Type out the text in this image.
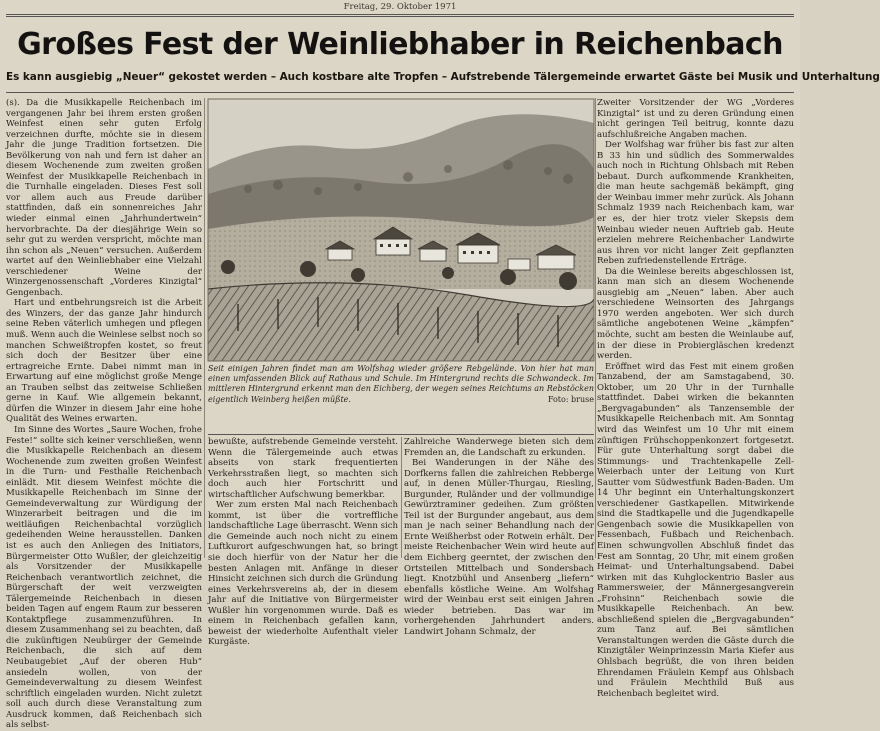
Freitag, 29. Oktober 1971
Großes Fest der Weinliebhaber in Reichenbach
Es kann ausgiebig „Neuer“ gekostet werden – Auch kostbare alte Tropfen – Aufstrebende Tälergemeinde erwartet Gäste bei Musik und Unterhaltung

(s). Da die Musikkapelle Reichenbach im vergangenen Jahr bei ihrem ersten großen Weinfest einen sehr guten Erfolg verzeichnen durfte, möchte sie in diesem Jahr die junge Tradition fortsetzen. Die Bevölkerung von nah und fern ist daher an diesem Wochenende zum zweiten großen Weinfest der Musikkapelle Reichenbach in die Turnhalle eingeladen. Dieses Fest soll vor allem auch aus Freude darüber stattfinden, daß ein sonnenreiches Jahr wieder einmal einen „Jahrhundertwein“ hervorbrachte. Da der diesjährige Wein so sehr gut zu werden verspricht, möchte man ihn schon als „Neuen“ versuchen. Außerdem wartet auf den Weinliebhaber eine Vielzahl verschiedener Weine der Winzergenossenschaft „Vorderes Kinzigtal“ Gengenbach.

Hart und entbehrungsreich ist die Arbeit des Winzers, der das ganze Jahr hindurch seine Reben väterlich umhegen und pflegen muß. Wenn auch die Weinlese selbst noch so manchen Schweißtropfen kostet, so freut sich doch der Besitzer über eine ertragreiche Ernte. Dabei nimmt man in Erwartung auf eine möglichst große Menge an Trauben selbst das zeitweise Schließen gerne in Kauf. Wie allgemein bekannt, dürfen die Winzer in diesem Jahr eine hohe Qualität des Weines erwarten.

Im Sinne des Wortes „Saure Wochen, frohe Feste!“ sollte sich keiner verschließen, wenn die Musikkapelle Reichenbach an diesem Wochenende zum zweiten großen Weinfest in die Turn- und Festhalle Reichenbach einlädt. Mit diesem Weinfest möchte die Musikkapelle Reichenbach im Sinne der Gemeindeverwaltung zur Würdigung der Winzerarbeit beitragen und die im weitläufigen Reichenbachtal vorzüglich gedeihenden Weine herausstellen. Danken ist es auch den Anliegen des Initiators, Bürgermeister Otto Wußler, der gleichzeitig als Vorsitzender der Musikkapelle Reichenbach verantwortlich zeichnet, die Bürgerschaft der weit verzweigten Tälergemeinde Reichenbach in diesen beiden Tagen auf engem Raum zur besseren Kontaktpflege zusammenzuführen. In diesem Zusammenhang sei zu beachten, daß die zukünftigen Neubürger der Gemeinde Reichenbach, die sich auf dem Neubaugebiet „Auf der oberen Hub“ ansiedeln wollen, von der Gemeindeverwaltung zu diesem Weinfest schriftlich eingeladen wurden. Nicht zuletzt soll auch durch diese Veranstaltung zum Ausdruck kommen, daß Reichenbach sich als selbst-

Seit einigen Jahren findet man am Wolfshag wieder größere Rebgelände. Von hier hat man einen umfassenden Blick auf Rathaus und Schule. Im Hintergrund rechts die Schwandeck. Im mittleren Hintergrund erkennt man den Eichberg, der wegen seines Reichtums an Rebstöcken eigentlich Weinberg heißen müßte.	Foto: bruse

bewußte, aufstrebende Gemeinde versteht. Wenn die Tälergemeinde auch etwas abseits von stark frequentierten Verkehrsstraßen liegt, so machten sich doch auch hier Fortschritt und wirtschaftlicher Aufschwung bemerkbar.

Wer zum ersten Mal nach Reichenbach kommt, ist über die vortreffliche landschaftliche Lage überrascht. Wenn sich die Gemeinde auch noch nicht zu einem Luftkurort aufgeschwungen hat, so bringt sie doch hierfür von der Natur her die besten Anlagen mit. Anfänge in dieser Hinsicht zeichnen sich durch die Gründung eines Verkehrsvereins ab, der in diesem Jahr auf die Initiative von Bürgermeister Wußler hin vorgenommen wurde. Daß es einem in Reichenbach gefallen kann, beweist der wiederholte Aufenthalt vieler Kurgäste.

Zahlreiche Wanderwege bieten sich dem Fremden an, die Landschaft zu erkunden.

Bei Wanderungen in der Nähe des Dorfkerns fallen die zahlreichen Rebberge auf, in denen Müller-Thurgau, Riesling, Burgunder, Ruländer und der vollmundige Gewürztraminer gedeihen. Zum größten Teil ist der Burgunder angebaut, aus dem man je nach seiner Behandlung nach der Ernte Weißherbst oder Rotwein erhält. Der meiste Reichenbacher Wein wird heute auf dem Eichberg geerntet, der zwischen den Ortsteilen Mittelbach und Sondersbach liegt. Knotzbühl und Ansenberg „liefern“ ebenfalls köstliche Weine. Am Wolfshag wird der Weinbau erst seit einigen Jahren wieder betrieben. Das war im vorhergehenden Jahrhundert anders. Landwirt Johann Schmalz, der

Zweiter Vorsitzender der WG „Vorderes Kinzigtal“ ist und zu deren Gründung einen nicht geringen Teil beitrug, konnte dazu aufschlußreiche Angaben machen.

Der Wolfshag war früher bis fast zur alten B 33 hin und südlich des Sommerwaldes auch noch in Richtung Ohlsbach mit Reben bebaut. Durch aufkommende Krankheiten, die man heute sachgemäß bekämpft, ging der Weinbau immer mehr zurück. Als Johann Schmalz 1939 nach Reichenbach kam, war er es, der hier trotz vieler Skepsis dem Weinbau wieder neuen Auftrieb gab. Heute erzielen mehrere Reichenbacher Landwirte aus ihren vor nicht langer Zeit gepflanzten Reben zufriedenstellende Erträge.

Da die Weinlese bereits abgeschlossen ist, kann man sich an diesem Wochenende ausgiebig am „Neuen“ laben. Aber auch verschiedene Weinsorten des Jahrgangs 1970 werden angeboten. Wer sich durch sämtliche angebotenen Weine „kämpfen“ möchte, sucht am besten die Weinlaube auf, in der diese in Probiergläschen kredenzt werden.

Eröffnet wird das Fest mit einem großen Tanzabend, der am Samstagabend, 30. Oktober, um 20 Uhr in der Turnhalle stattfindet. Dabei wirken die bekannten „Bergvagabunden“ als Tanzensemble der Musikkapelle Reichenbach mit. Am Sonntag wird das Weinfest um 10 Uhr mit einem zünftigen Frühschoppenkonzert fortgesetzt. Für gute Unterhaltung sorgt dabei die Stimmungs- und Trachtenkapelle Zell-Weierbach unter der Leitung von Kurt Sautter vom Südwestfunk Baden-Baden. Um 14 Uhr beginnt ein Unterhaltungskonzert verschiedener Gastkapellen. Mitwirkende sind die Stadtkapelle und die Jugendkapelle Gengenbach sowie die Musikkapellen von Fessenbach, Fußbach und Reichenbach. Einen schwungvollen Abschluß findet das Fest am Sonntag, 20 Uhr, mit einem großen Heimat- und Unterhaltungsabend. Dabei wirken mit das Kuhglockentrio Basler aus Rammersweier, der Männergesangverein „Frohsinn“ Reichenbach sowie die Musikkapelle Reichenbach. An bew. abschließend spielen die „Bergvagabunden“ zum Tanz auf. Bei sämtlichen Veranstaltungen werden die Gäste durch die Kinzigtäler Weinprinzessin Maria Kiefer aus Ohlsbach begrüßt, die von ihren beiden Ehrendamen Fräulein Kempf aus Ohlsbach und Fräulein Mechthild Buß aus Reichenbach begleitet wird.
